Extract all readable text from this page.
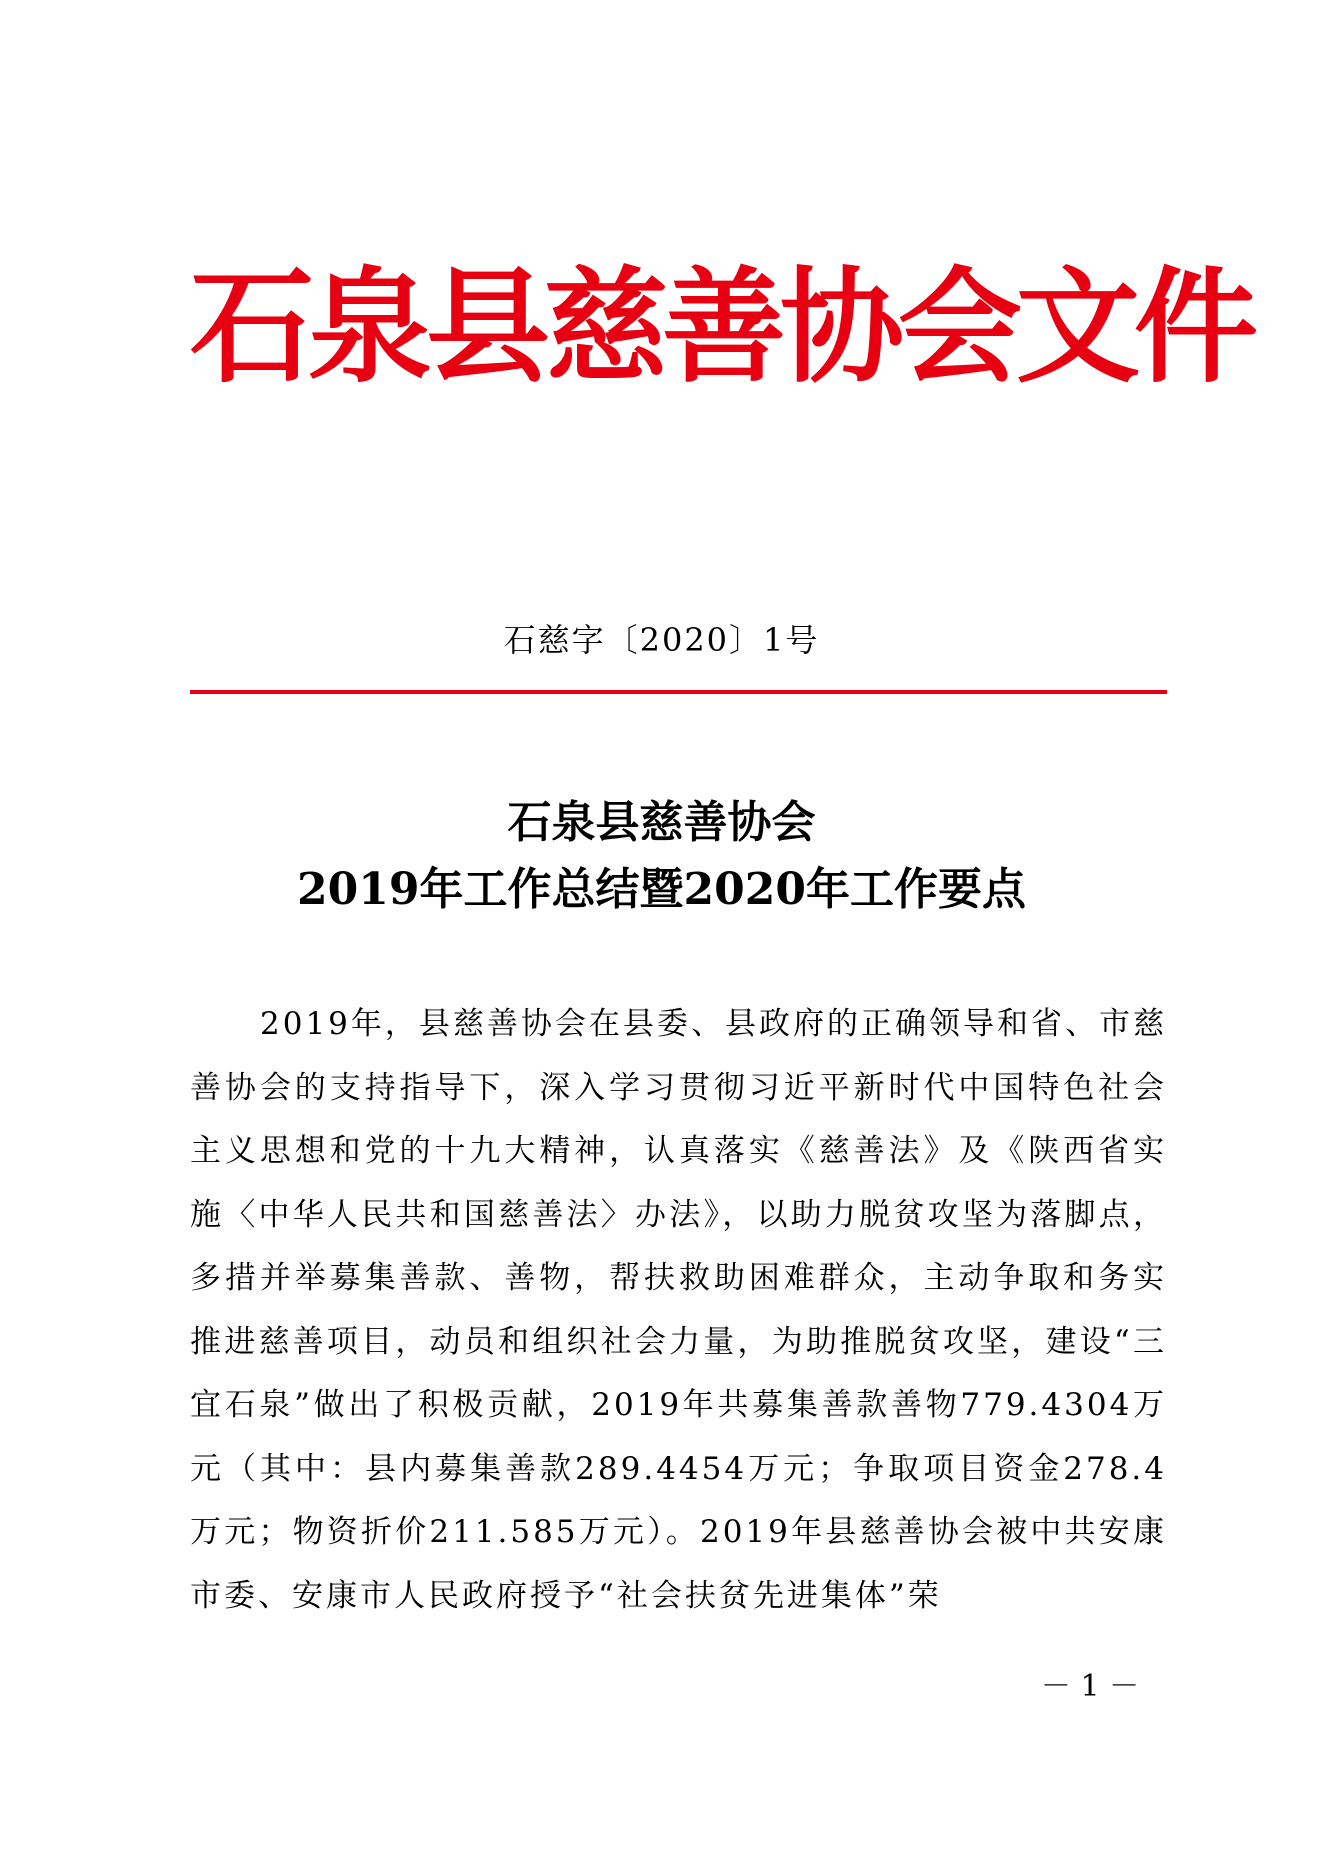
石泉县慈善协会文件
石慈字〔2020〕1号
石泉县慈善协会
2019年工作总结暨2020年工作要点
2019年，县慈善协会在县委、县政府的正确领导和省、市慈善协会的支持指导下，深入学习贯彻习近平新时代中国特色社会主义思想和党的十九大精神，认真落实《慈善法》及《陕西省实施〈中华人民共和国慈善法〉办法》，以助力脱贫攻坚为落脚点，多措并举募集善款、善物，帮扶救助困难群众，主动争取和务实推进慈善项目，动员和组织社会力量，为助推脱贫攻坚，建设“三宜石泉”做出了积极贡献，2019年共募集善款善物779.4304万元（其中：县内募集善款289.4454万元；争取项目资金278.4万元；物资折价211.585万元）。2019年县慈善协会被中共安康市委、安康市人民政府授予“社会扶贫先进集体”荣
－ 1 －
